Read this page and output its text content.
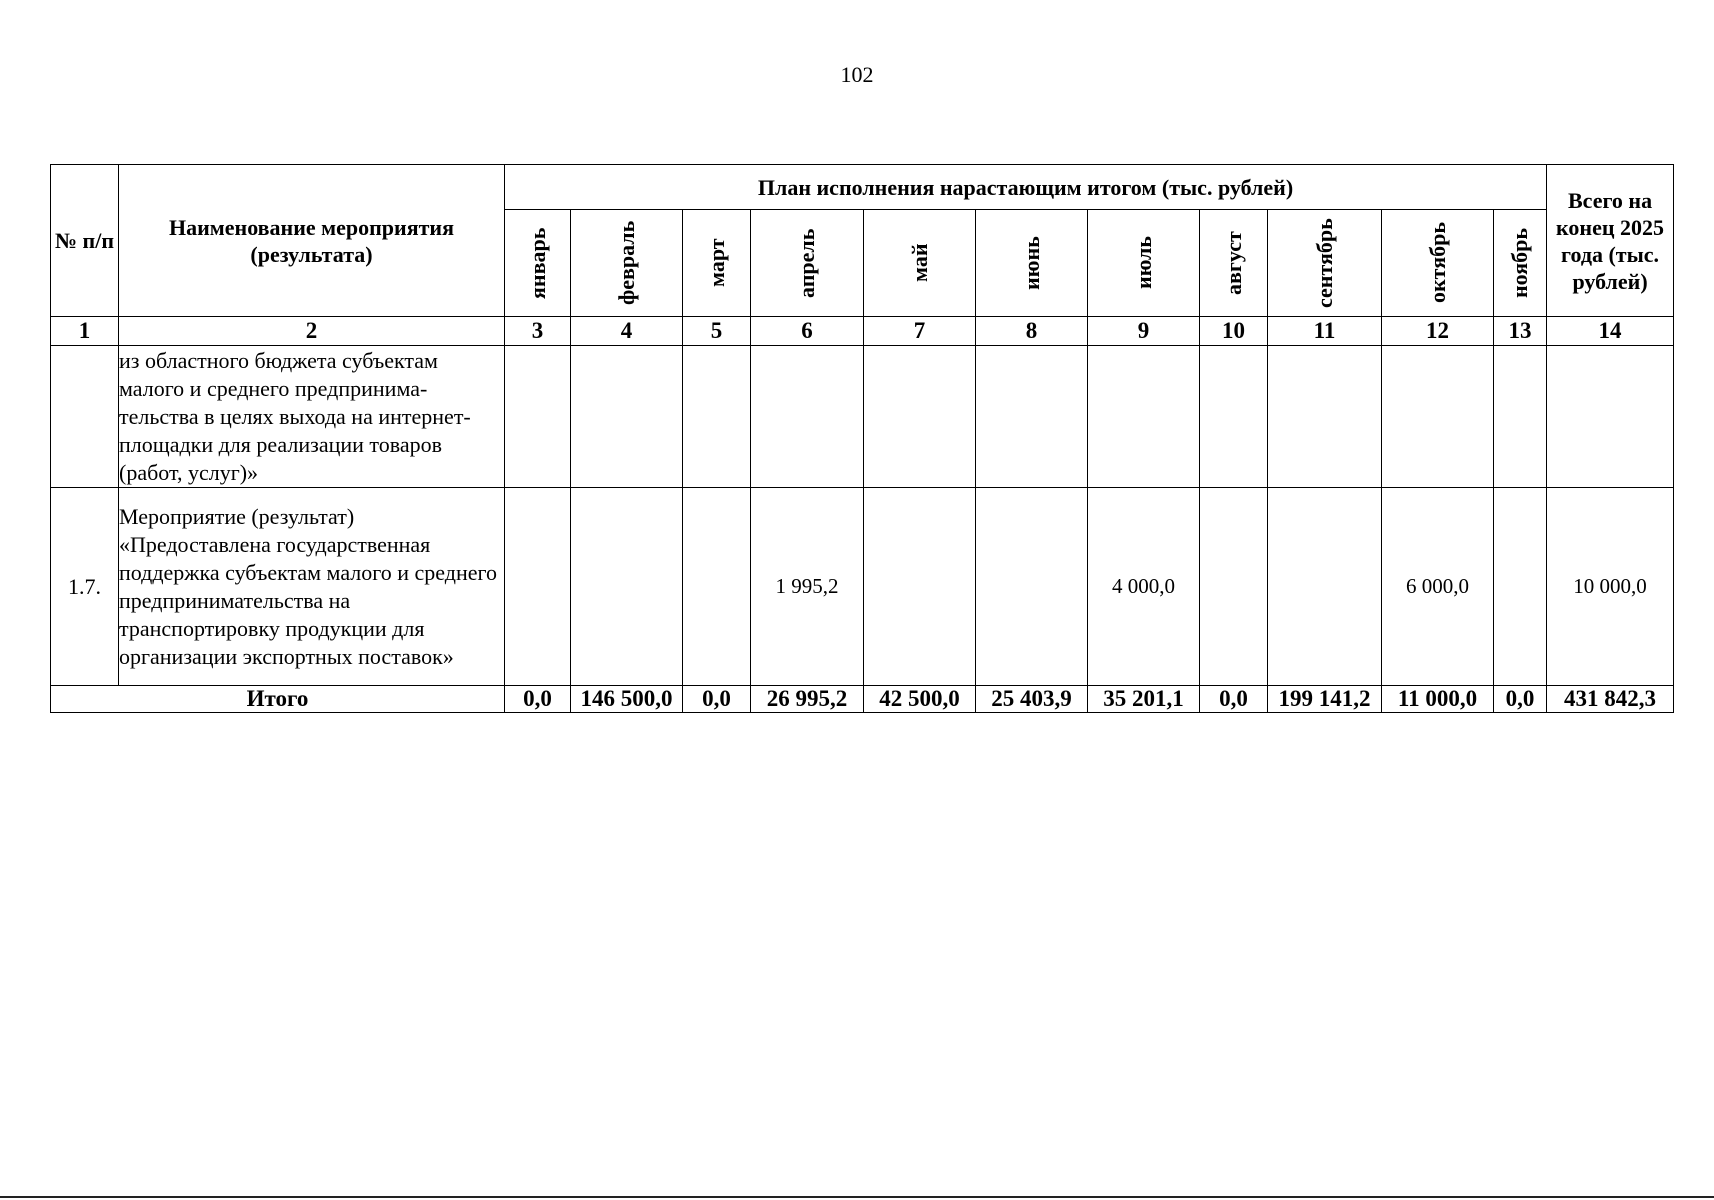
102
№ п/п	Наименование мероприятия (результата)	План исполнения нарастающим итогом (тыс. рублей)											Всего на конец 2025 года (тыс. рублей)

		январь	февраль	март	апрель	май	июнь	июль	август	сентябрь	октябрь	ноябрь	

1	2	3	4	5	6	7	8	9	10	11	12	13	14
	из областного бюджета субъектам малого и среднего предпринима-тельства в целях выхода на интернет-площадки для реализации товаров (работ, услуг)»												
1.7.	Мероприятие (результат) «Предоставлена государственная поддержка субъектам малого и среднего предпринимательства на транспортировку продукции для организации экспортных поставок»				1 995,2			4 000,0			6 000,0		10 000,0
Итого		0,0	146 500,0	0,0	26 995,2	42 500,0	25 403,9	35 201,1	0,0	199 141,2	11 000,0	0,0	431 842,3
